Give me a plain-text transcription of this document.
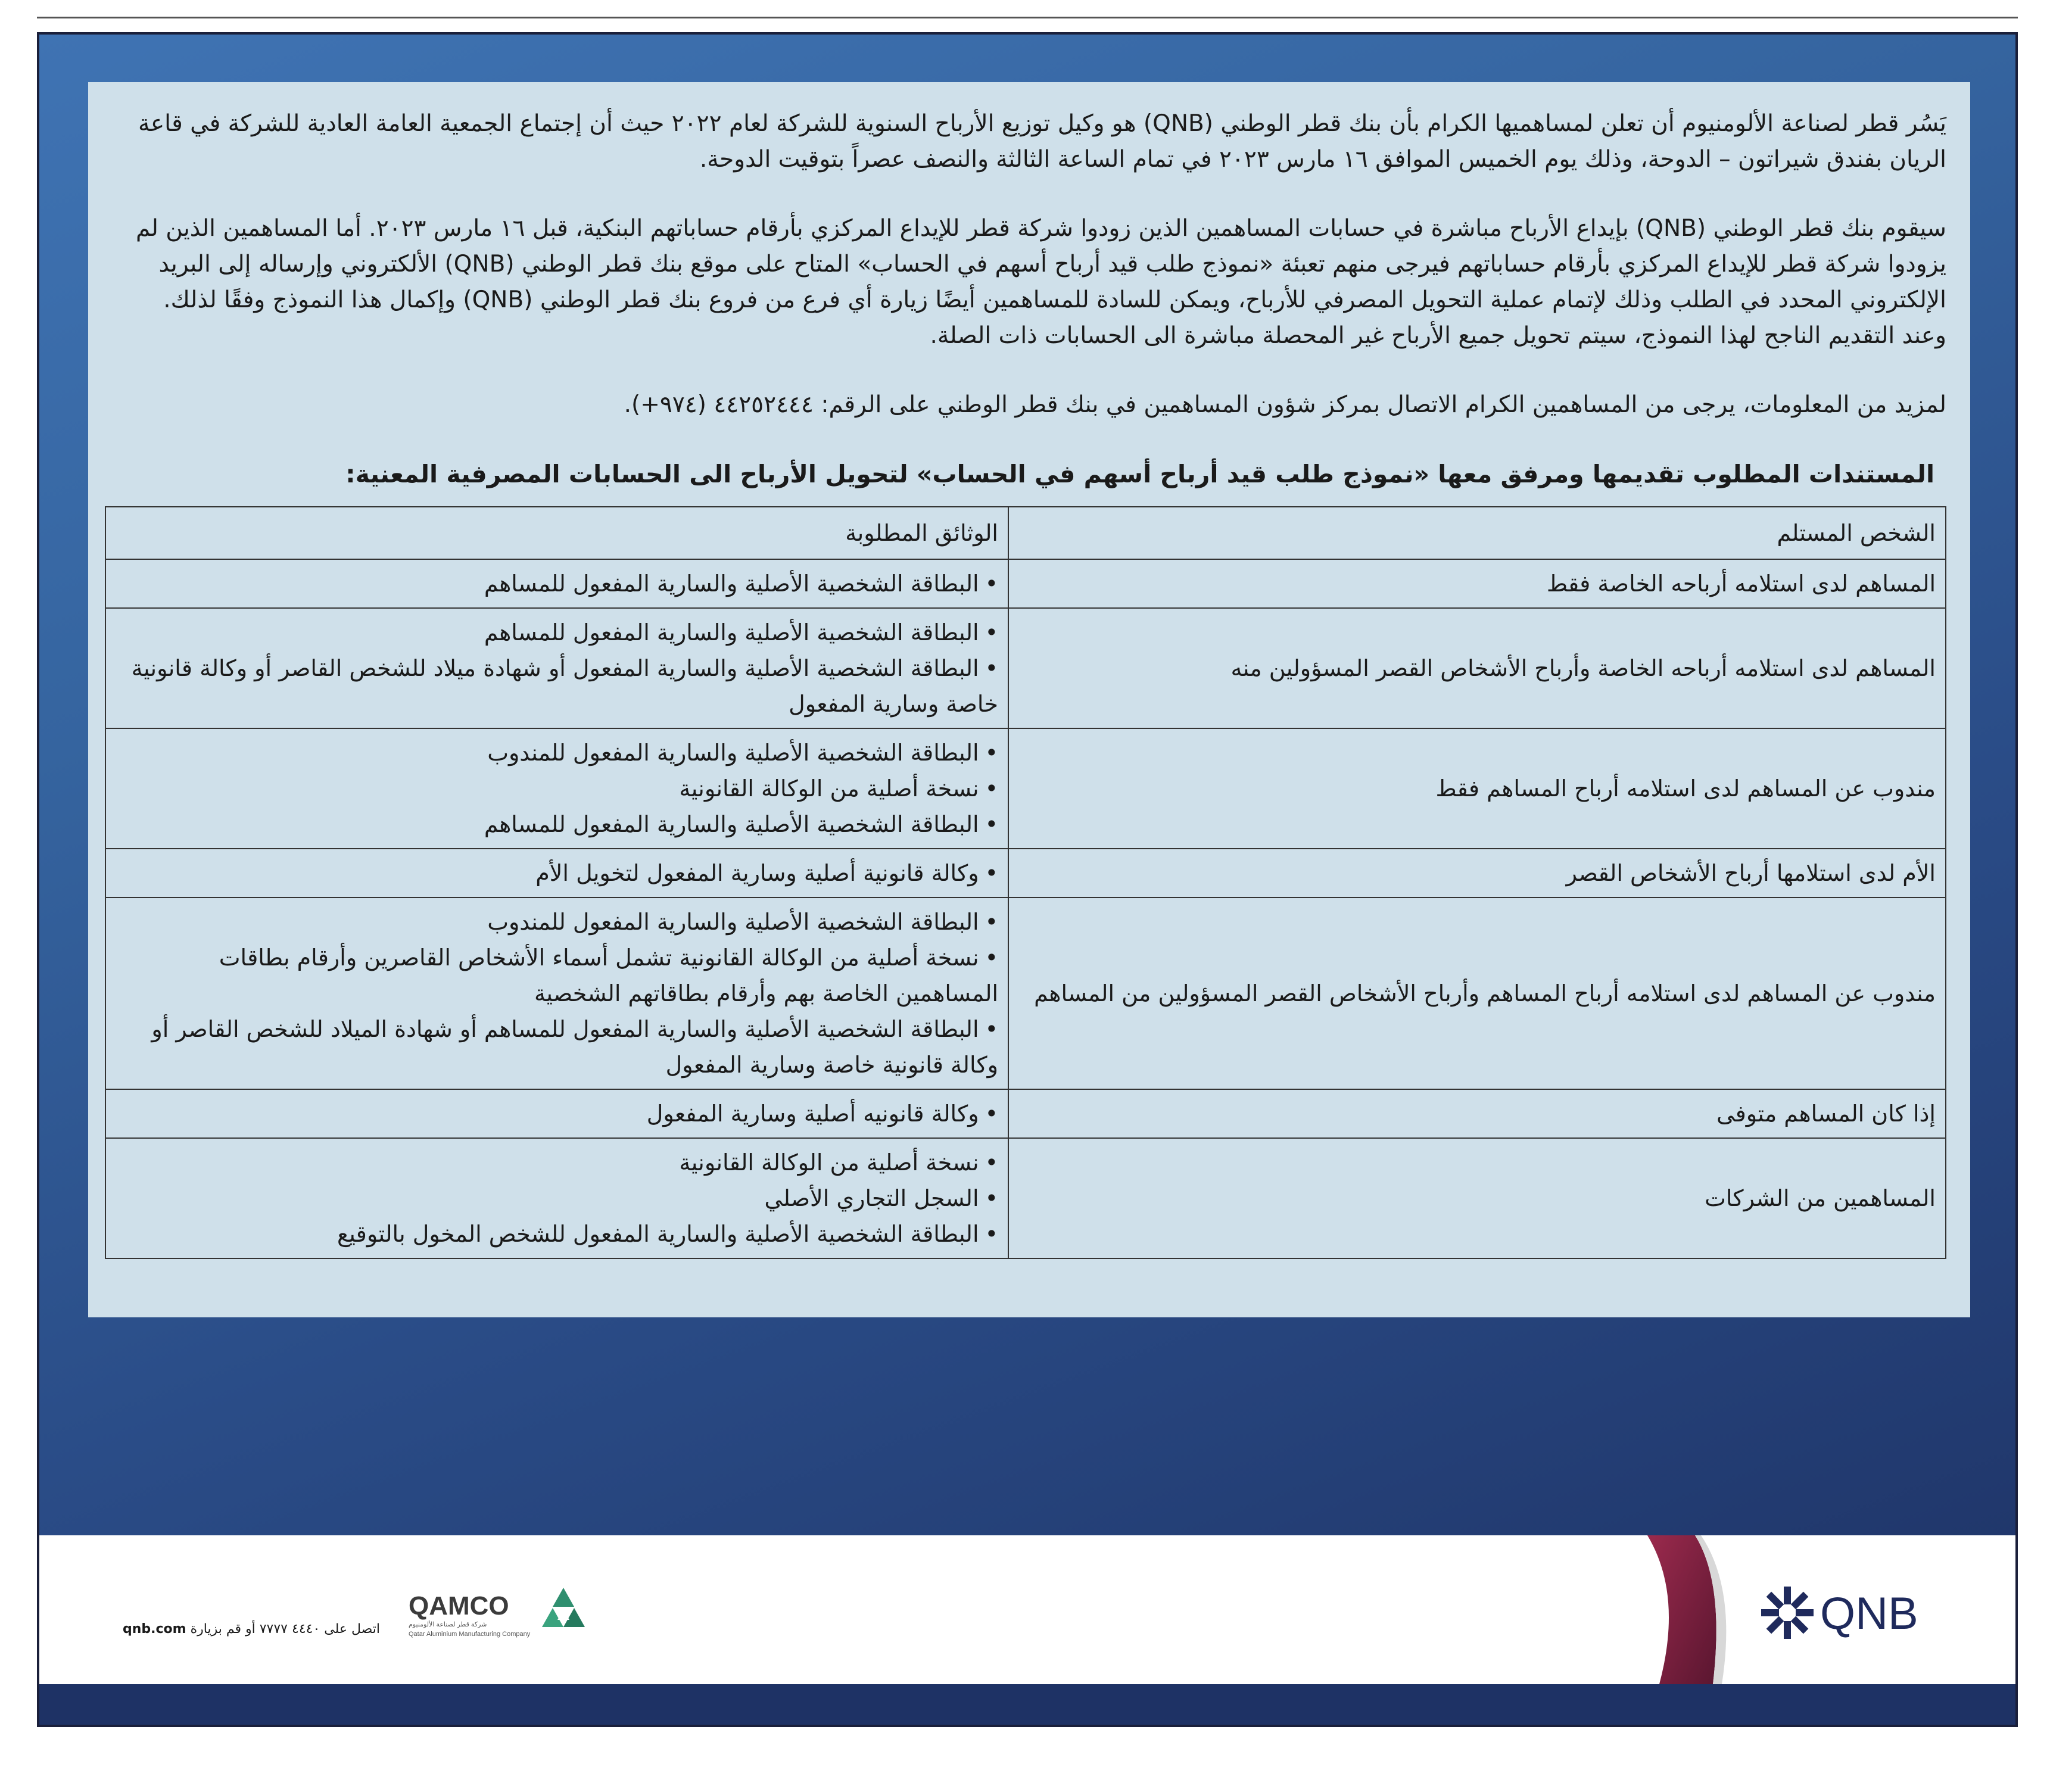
يَسُر قطر لصناعة الألومنيوم أن تعلن لمساهميها الكرام بأن بنك قطر الوطني (QNB) هو وكيل توزيع الأرباح السنوية للشركة لعام ٢٠٢٢ حيث أن إجتماع الجمعية العامة العادية للشركة في قاعة الريان بفندق شيراتون – الدوحة، وذلك يوم الخميس الموافق ١٦ مارس ٢٠٢٣ في تمام الساعة الثالثة والنصف عصراً بتوقيت الدوحة.

سيقوم بنك قطر الوطني (QNB) بإيداع الأرباح مباشرة في حسابات المساهمين الذين زودوا شركة قطر للإيداع المركزي بأرقام حساباتهم البنكية، قبل ١٦ مارس ٢٠٢٣. أما المساهمين الذين لم يزودوا شركة قطر للإيداع المركزي بأرقام حساباتهم فيرجى منهم تعبئة «نموذج طلب قيد أرباح أسهم في الحساب» المتاح على موقع بنك قطر الوطني (QNB) الألكتروني وإرساله إلى البريد الإلكتروني المحدد في الطلب وذلك لإتمام عملية التحويل المصرفي للأرباح، ويمكن للسادة للمساهمين أيضًا زيارة أي فرع من فروع بنك قطر الوطني (QNB) وإكمال هذا النموذج وفقًا لذلك. وعند التقديم الناجح لهذا النموذج، سيتم تحويل جميع الأرباح غير المحصلة مباشرة الى الحسابات ذات الصلة.

لمزيد من المعلومات، يرجى من المساهمين الكرام الاتصال بمركز شؤون المساهمين في بنك قطر الوطني على الرقم: ٤٤٢٥٢٤٤٤ (٩٧٤+).

المستندات المطلوب تقديمها ومرفق معها «نموذج طلب قيد أرباح أسهم في الحساب» لتحويل الأرباح الى الحسابات المصرفية المعنية:
الشخص المستلم	الوثائق المطلوبة
المساهم لدى استلامه أرباحه الخاصة فقط	•البطاقة الشخصية الأصلية والسارية المفعول للمساهم

المساهم لدى استلامه أرباحه الخاصة وأرباح الأشخاص القصر المسؤولين منه	•البطاقة الشخصية الأصلية والسارية المفعول للمساهم
•البطاقة الشخصية الأصلية والسارية المفعول أو شهادة ميلاد للشخص القاصر أو وكالة قانونية خاصة وسارية المفعول

مندوب عن المساهم لدى استلامه أرباح المساهم فقط	•البطاقة الشخصية الأصلية والسارية المفعول للمندوب
•نسخة أصلية من الوكالة القانونية
•البطاقة الشخصية الأصلية والسارية المفعول للمساهم

الأم لدى استلامها أرباح الأشخاص القصر	•وكالة قانونية أصلية وسارية المفعول لتخويل الأم

مندوب عن المساهم لدى استلامه أرباح المساهم وأرباح الأشخاص القصر المسؤولين من المساهم	•البطاقة الشخصية الأصلية والسارية المفعول للمندوب
•نسخة أصلية من الوكالة القانونية تشمل أسماء الأشخاص القاصرين وأرقام بطاقات المساهمين الخاصة بهم وأرقام بطاقاتهم الشخصية
•البطاقة الشخصية الأصلية والسارية المفعول للمساهم أو شهادة الميلاد للشخص القاصر أو وكالة قانونية خاصة وسارية المفعول

إذا كان المساهم متوفى	•وكالة قانونيه أصلية وسارية المفعول

المساهمين من الشركات	•نسخة أصلية من الوكالة القانونية
•السجل التجاري الأصلي
•البطاقة الشخصية الأصلية والسارية المفعول للشخص المخول بالتوقيع
اتصل على ٤٤٤٠ ٧٧٧٧ أو قم بزيارة qnb.com
QAMCO
شركة قطر لصناعة الألومنيوم
Qatar Aluminium Manufacturing Company	QNB
